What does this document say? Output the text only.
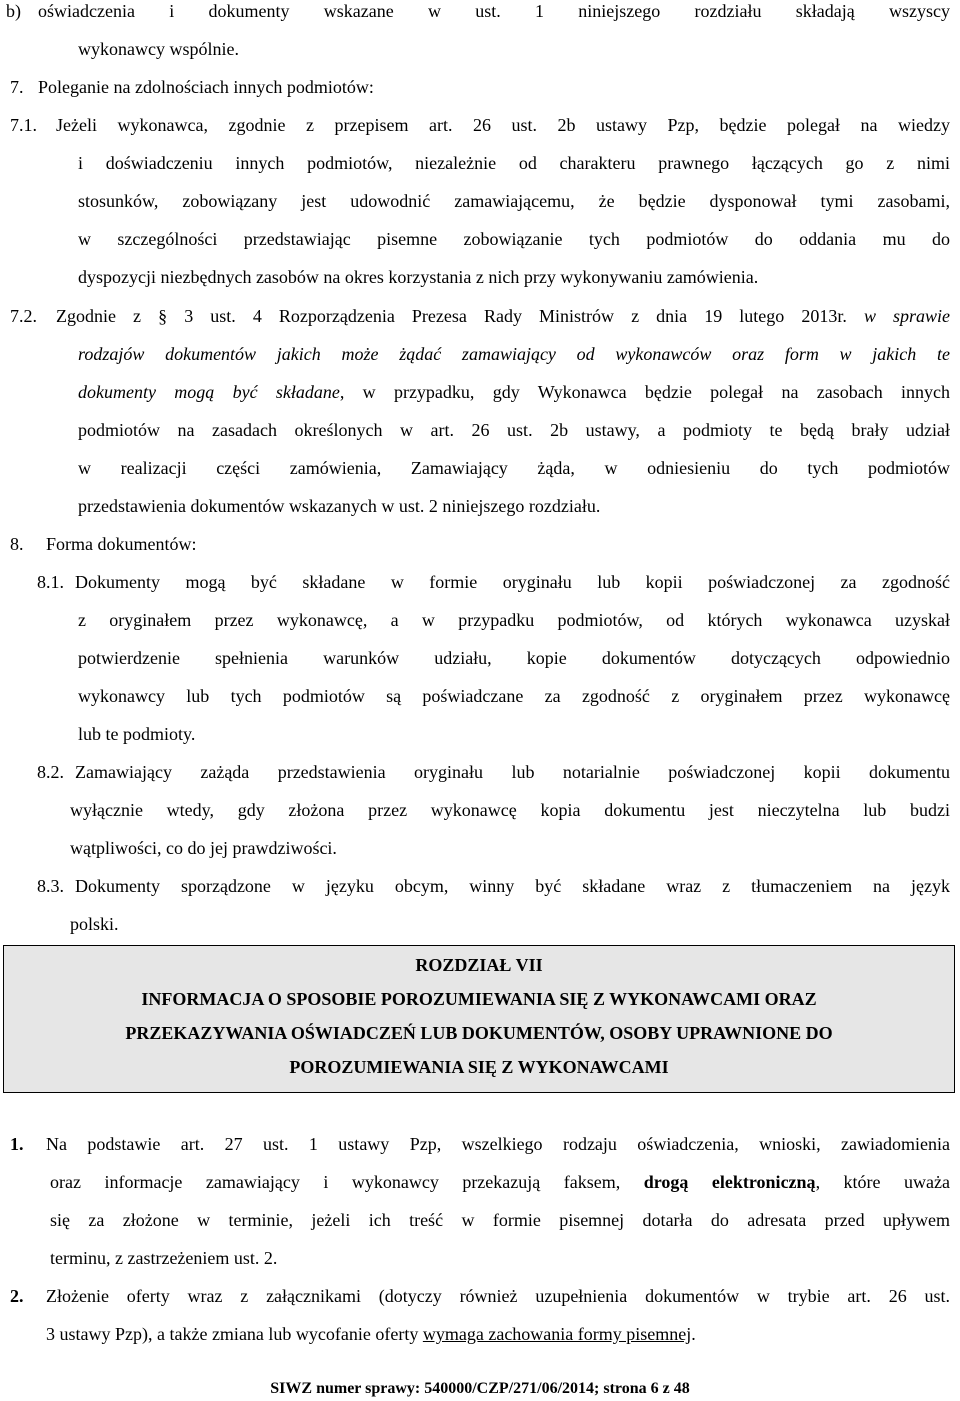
b) oświadczenia i dokumenty wskazane w ust. 1 niniejszego rozdziału składają wszyscy
wykonawcy wspólnie.
7. Poleganie na zdolnościach innych podmiotów:
7.1. Jeżeli wykonawca, zgodnie z przepisem art. 26 ust. 2b ustawy Pzp, będzie polegał na wiedzy
i doświadczeniu innych podmiotów, niezależnie od charakteru prawnego łączących go z nimi
stosunków, zobowiązany jest udowodnić zamawiającemu, że będzie dysponował tymi zasobami,
w szczególności przedstawiając pisemne zobowiązanie tych podmiotów do oddania mu do
dyspozycji niezbędnych zasobów na okres korzystania z nich przy wykonywaniu zamówienia.
7.2. Zgodnie z § 3 ust. 4 Rozporządzenia Prezesa Rady Ministrów z dnia 19 lutego 2013r. w sprawie
rodzajów dokumentów jakich może żądać zamawiający od wykonawców oraz form w jakich te
dokumenty mogą być składane, w przypadku, gdy Wykonawca będzie polegał na zasobach innych
podmiotów na zasadach określonych w art. 26 ust. 2b ustawy, a podmioty te będą brały udział
w realizacji części zamówienia, Zamawiający żąda, w odniesieniu do tych podmiotów
przedstawienia dokumentów wskazanych w ust. 2 niniejszego rozdziału.
8. Forma dokumentów:
8.1. Dokumenty mogą być składane w formie oryginału lub kopii poświadczonej za zgodność
z oryginałem przez wykonawcę, a w przypadku podmiotów, od których wykonawca uzyskał
potwierdzenie spełnienia warunków udziału, kopie dokumentów dotyczących odpowiednio
wykonawcy lub tych podmiotów są poświadczane za zgodność z oryginałem przez wykonawcę
lub te podmioty.
8.2. Zamawiający zażąda przedstawienia oryginału lub notarialnie poświadczonej kopii dokumentu
wyłącznie wtedy, gdy złożona przez wykonawcę kopia dokumentu jest nieczytelna lub budzi
wątpliwości, co do jej prawdziwości.
8.3. Dokumenty sporządzone w języku obcym, winny być składane wraz z tłumaczeniem na język
polski.
ROZDZIAŁ VII
INFORMACJA O SPOSOBIE POROZUMIEWANIA SIĘ Z WYKONAWCAMI ORAZ
PRZEKAZYWANIA OŚWIADCZEŃ LUB DOKUMENTÓW, OSOBY UPRAWNIONE DO
POROZUMIEWANIA SIĘ Z WYKONAWCAMI
1. Na podstawie art. 27 ust. 1 ustawy Pzp, wszelkiego rodzaju oświadczenia, wnioski, zawiadomienia
oraz informacje zamawiający i wykonawcy przekazują faksem, drogą elektroniczną, które uważa
się za złożone w terminie, jeżeli ich treść w formie pisemnej dotarła do adresata przed upływem
terminu, z zastrzeżeniem ust. 2.
2. Złożenie oferty wraz z załącznikami (dotyczy również uzupełnienia dokumentów w trybie art. 26 ust.
3 ustawy Pzp), a także zmiana lub wycofanie oferty wymaga zachowania formy pisemnej.
SIWZ numer sprawy: 540000/CZP/271/06/2014; strona 6 z 48
